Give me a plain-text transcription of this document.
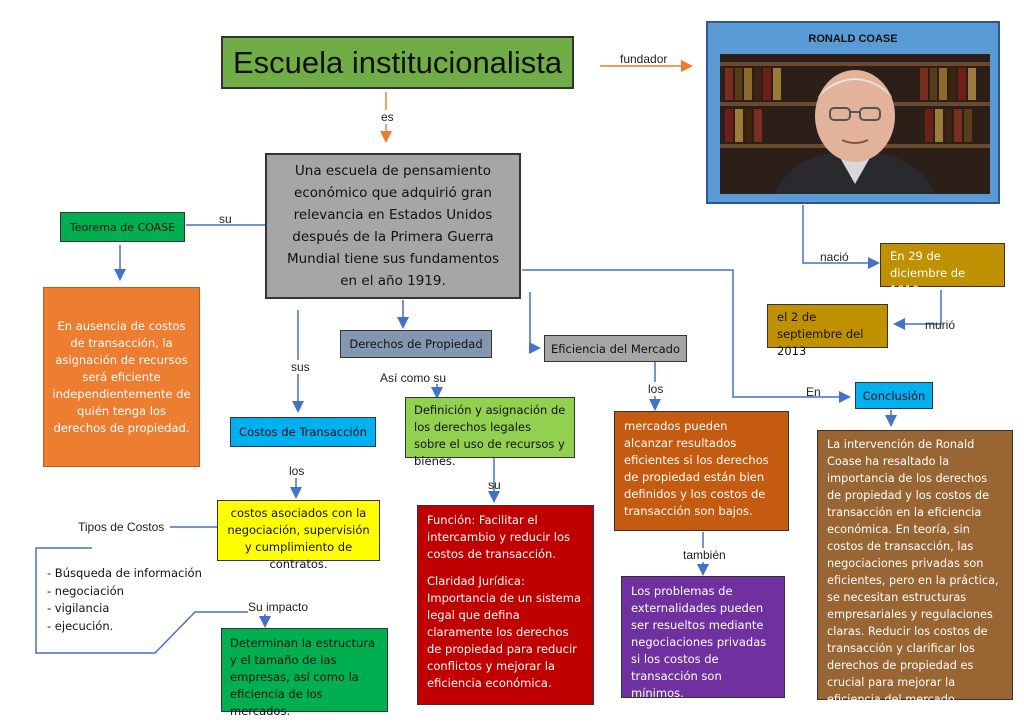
Escuela institucionalista	fundador
es
RONALD COASE
Una escuela de pensamiento económico que adquirió gran relevancia en Estados Unidos después de la Primera Guerra Mundial tiene sus fundamentos en el año 1919.
Teorema de COASE
su
En ausencia de costos de transacción, la asignación de recursos será eficiente independientemente de quién tenga los derechos de propiedad.
Derechos de Propiedad
Así como su
Definición y asignación de los derechos legales sobre el uso de recursos y bienes.
su
Función: Facilitar el intercambio y reducir los costos de transacción.
Claridad Jurídica: Importancia de un sistema legal que defina claramente los derechos de propiedad para reducir conflictos y mejorar la eficiencia económica.
sus
Costos de Transacción
los
costos asociados con la negociación, supervisión y cumplimiento de contratos.
Tipos de Costos
- Búsqueda de información
- negociación
- vigilancia
- ejecución.
Su impacto
Determinan la estructura y el tamaño de las empresas, así como la eficiencia de los mercados.
Eficiencia del Mercado
los
mercados pueden alcanzar resultados eficientes si los derechos de propiedad están bien definidos y los costos de transacción son bajos.
también
Los problemas de externalidades pueden ser resueltos mediante negociaciones privadas si los costos de transacción son mínimos.
nació	En 29 de diciembre de 1910
murió
el 2 de septiembre del 2013
En	Conclusión
La intervención de Ronald Coase ha resaltado la importancia de los derechos de propiedad y los costos de transacción en la eficiencia económica. En teoría, sin costos de transacción, las negociaciones privadas son eficientes, pero en la práctica, se necesitan estructuras empresariales y regulaciones claras. Reducir los costos de transacción y clarificar los derechos de propiedad es crucial para mejorar la eficiencia del mercado.
